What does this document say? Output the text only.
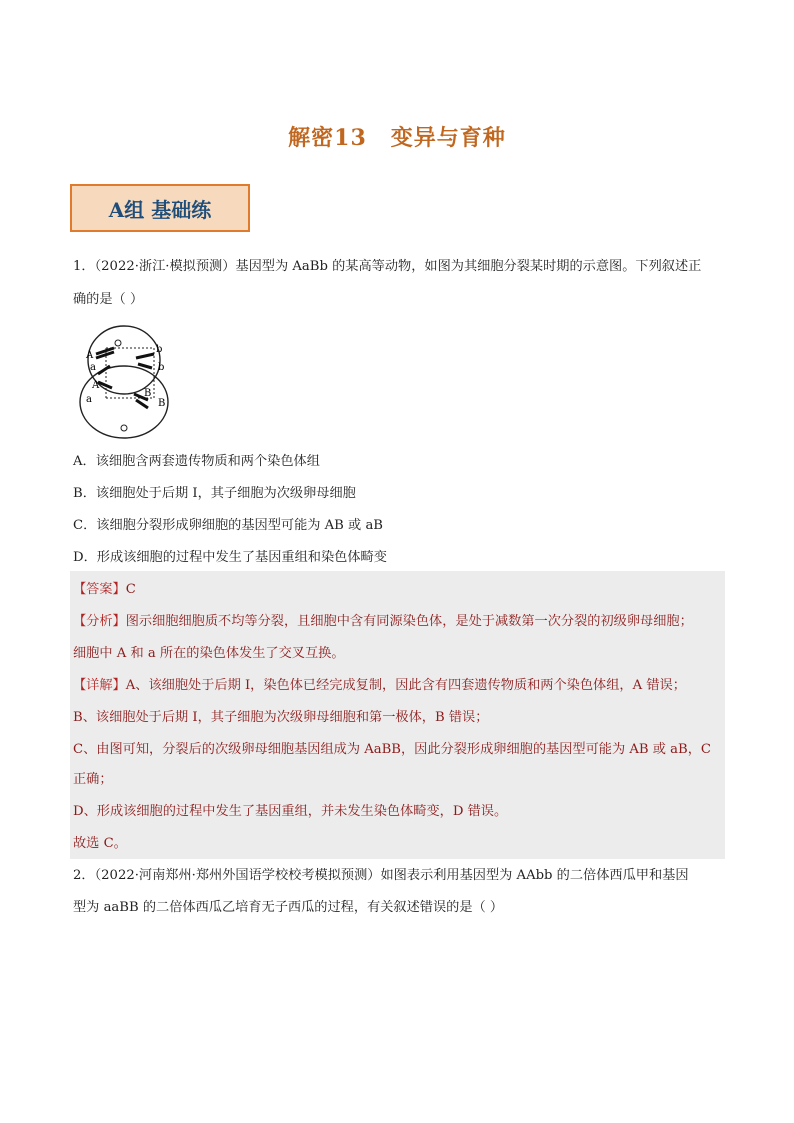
解密13 变异与育种
A组 基础练
1．（2022·浙江·模拟预测）基因型为 AaBb 的某高等动物，如图为其细胞分裂某时期的示意图。下列叙述正
确的是（ ）
A
a
A
a
b
b
B
B
A．该细胞含两套遗传物质和两个染色体组
B．该细胞处于后期 I，其子细胞为次级卵母细胞
C．该细胞分裂形成卵细胞的基因型可能为 AB 或 aB
D．形成该细胞的过程中发生了基因重组和染色体畸变
【答案】C
【分析】图示细胞细胞质不均等分裂，且细胞中含有同源染色体，是处于减数第一次分裂的初级卵母细胞；
细胞中 A 和 a 所在的染色体发生了交叉互换。
【详解】A、该细胞处于后期 I，染色体已经完成复制，因此含有四套遗传物质和两个染色体组，A 错误；
B、该细胞处于后期 I，其子细胞为次级卵母细胞和第一极体，B 错误；
C、由图可知，分裂后的次级卵母细胞基因组成为 AaBB，因此分裂形成卵细胞的基因型可能为 AB 或 aB，C
正确；
D、形成该细胞的过程中发生了基因重组，并未发生染色体畸变，D 错误。
故选 C。
2．（2022·河南郑州·郑州外国语学校校考模拟预测）如图表示利用基因型为 AAbb 的二倍体西瓜甲和基因
型为 aaBB 的二倍体西瓜乙培育无子西瓜的过程，有关叙述错误的是（ ）
